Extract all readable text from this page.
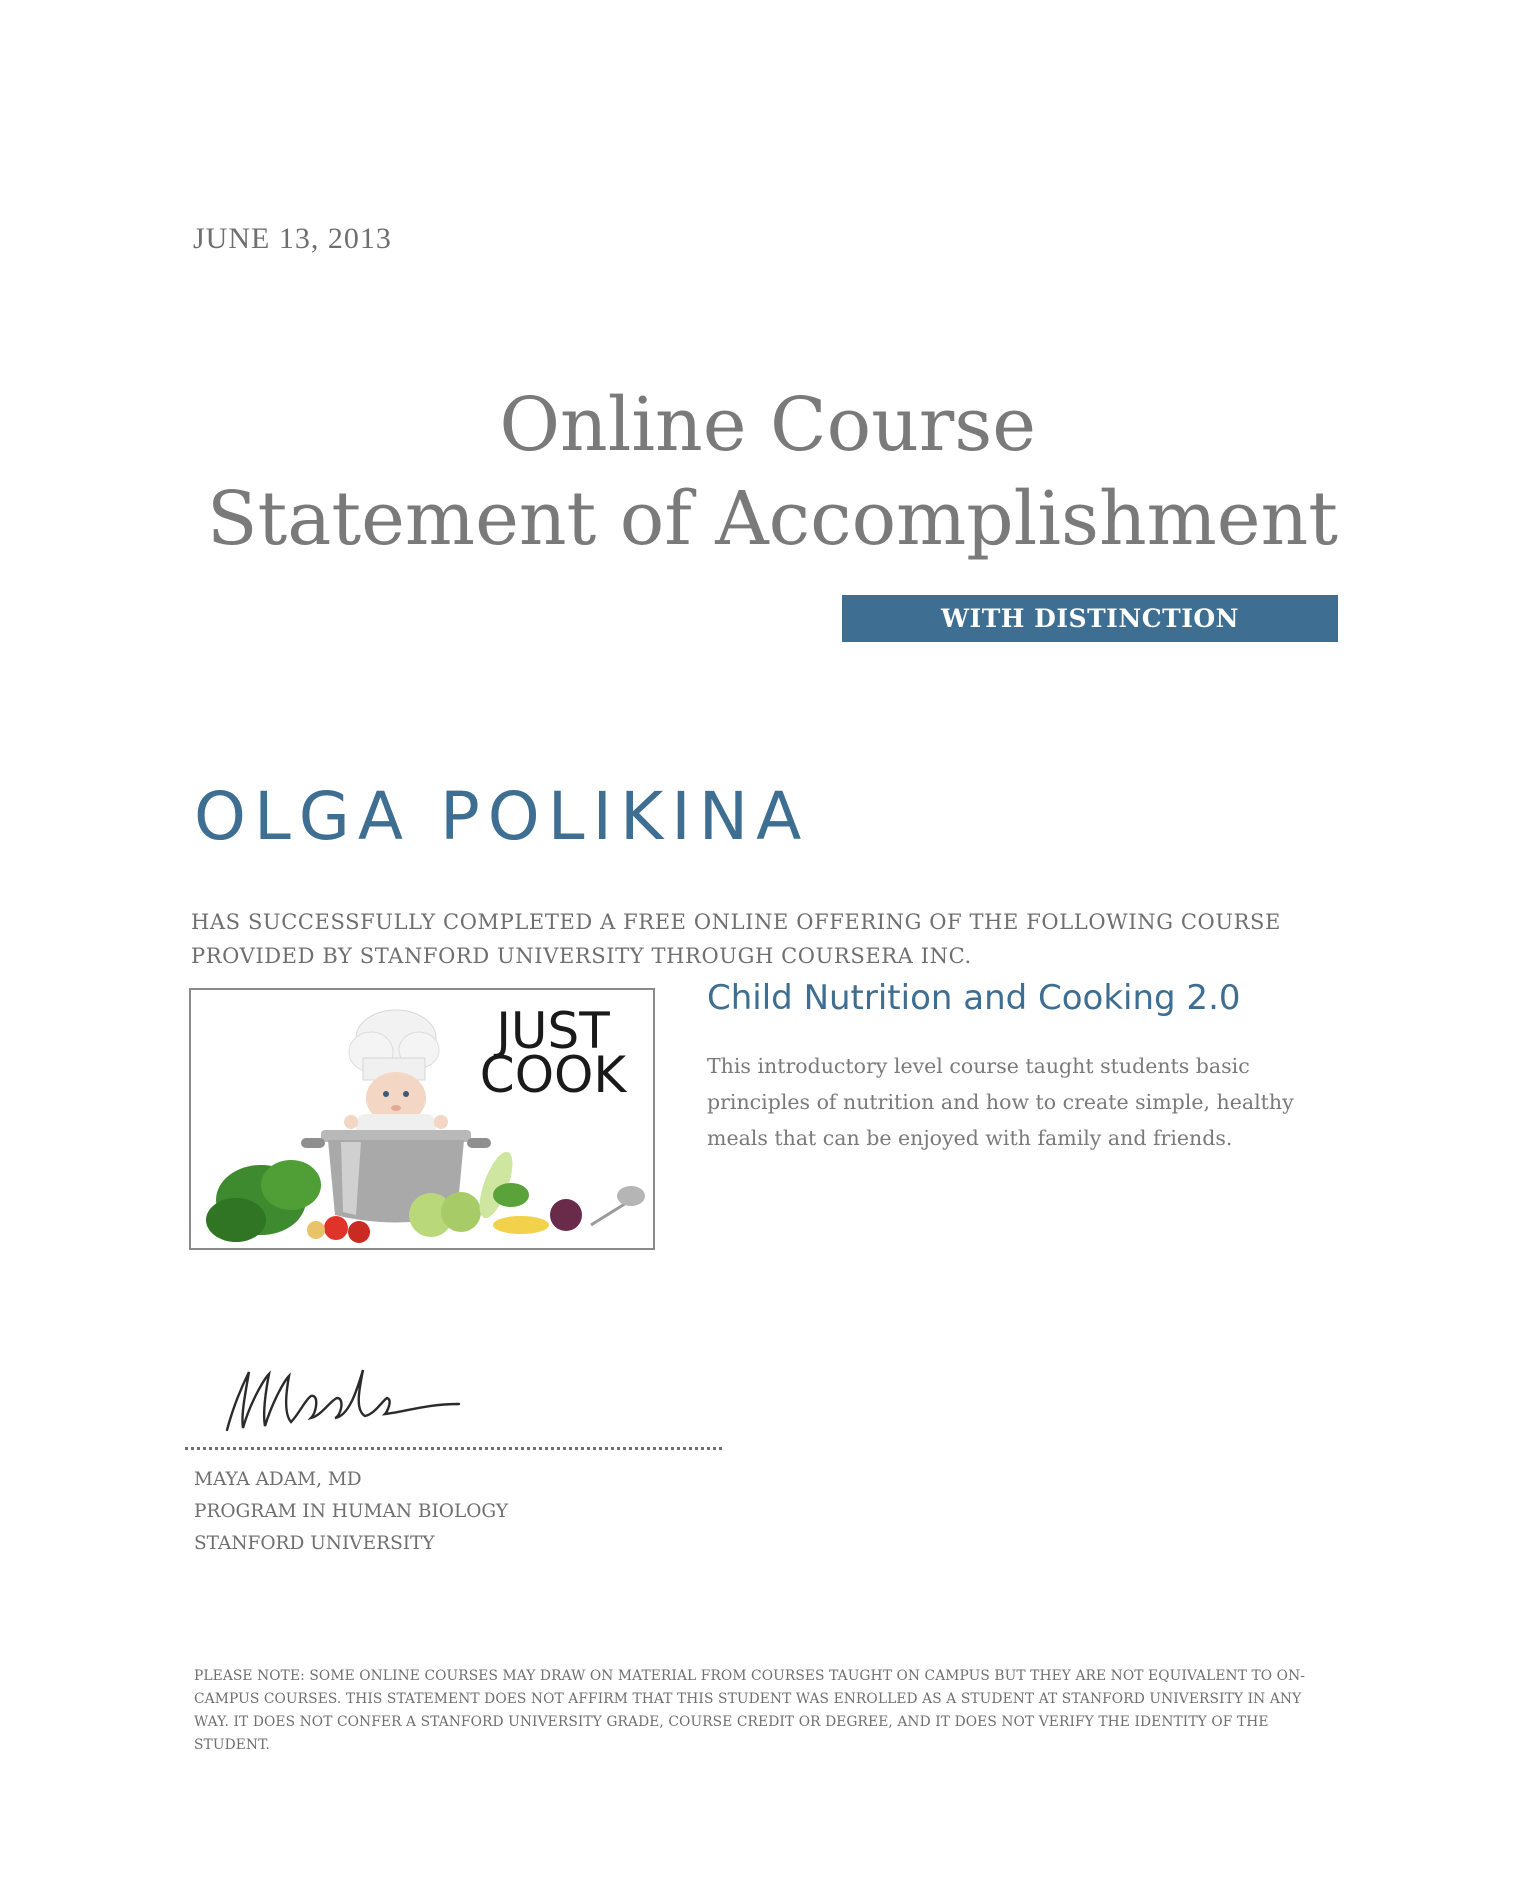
JUNE 13, 2013
Online Course
Statement of Accomplishment
WITH DISTINCTION
OLGA POLIKINA
HAS SUCCESSFULLY COMPLETED A FREE ONLINE OFFERING OF THE FOLLOWING COURSE
PROVIDED BY STANFORD UNIVERSITY THROUGH COURSERA INC.
JUST
COOK
Child Nutrition and Cooking 2.0
This introductory level course taught students basic principles of nutrition and how to create simple, healthy meals that can be enjoyed with family and friends.
MAYA ADAM, MD
PROGRAM IN HUMAN BIOLOGY
STANFORD UNIVERSITY
PLEASE NOTE: SOME ONLINE COURSES MAY DRAW ON MATERIAL FROM COURSES TAUGHT ON CAMPUS BUT THEY ARE NOT EQUIVALENT TO ON-CAMPUS COURSES. THIS STATEMENT DOES NOT AFFIRM THAT THIS STUDENT WAS ENROLLED AS A STUDENT AT STANFORD UNIVERSITY IN ANY WAY. IT DOES NOT CONFER A STANFORD UNIVERSITY GRADE, COURSE CREDIT OR DEGREE, AND IT DOES NOT VERIFY THE IDENTITY OF THE STUDENT.
